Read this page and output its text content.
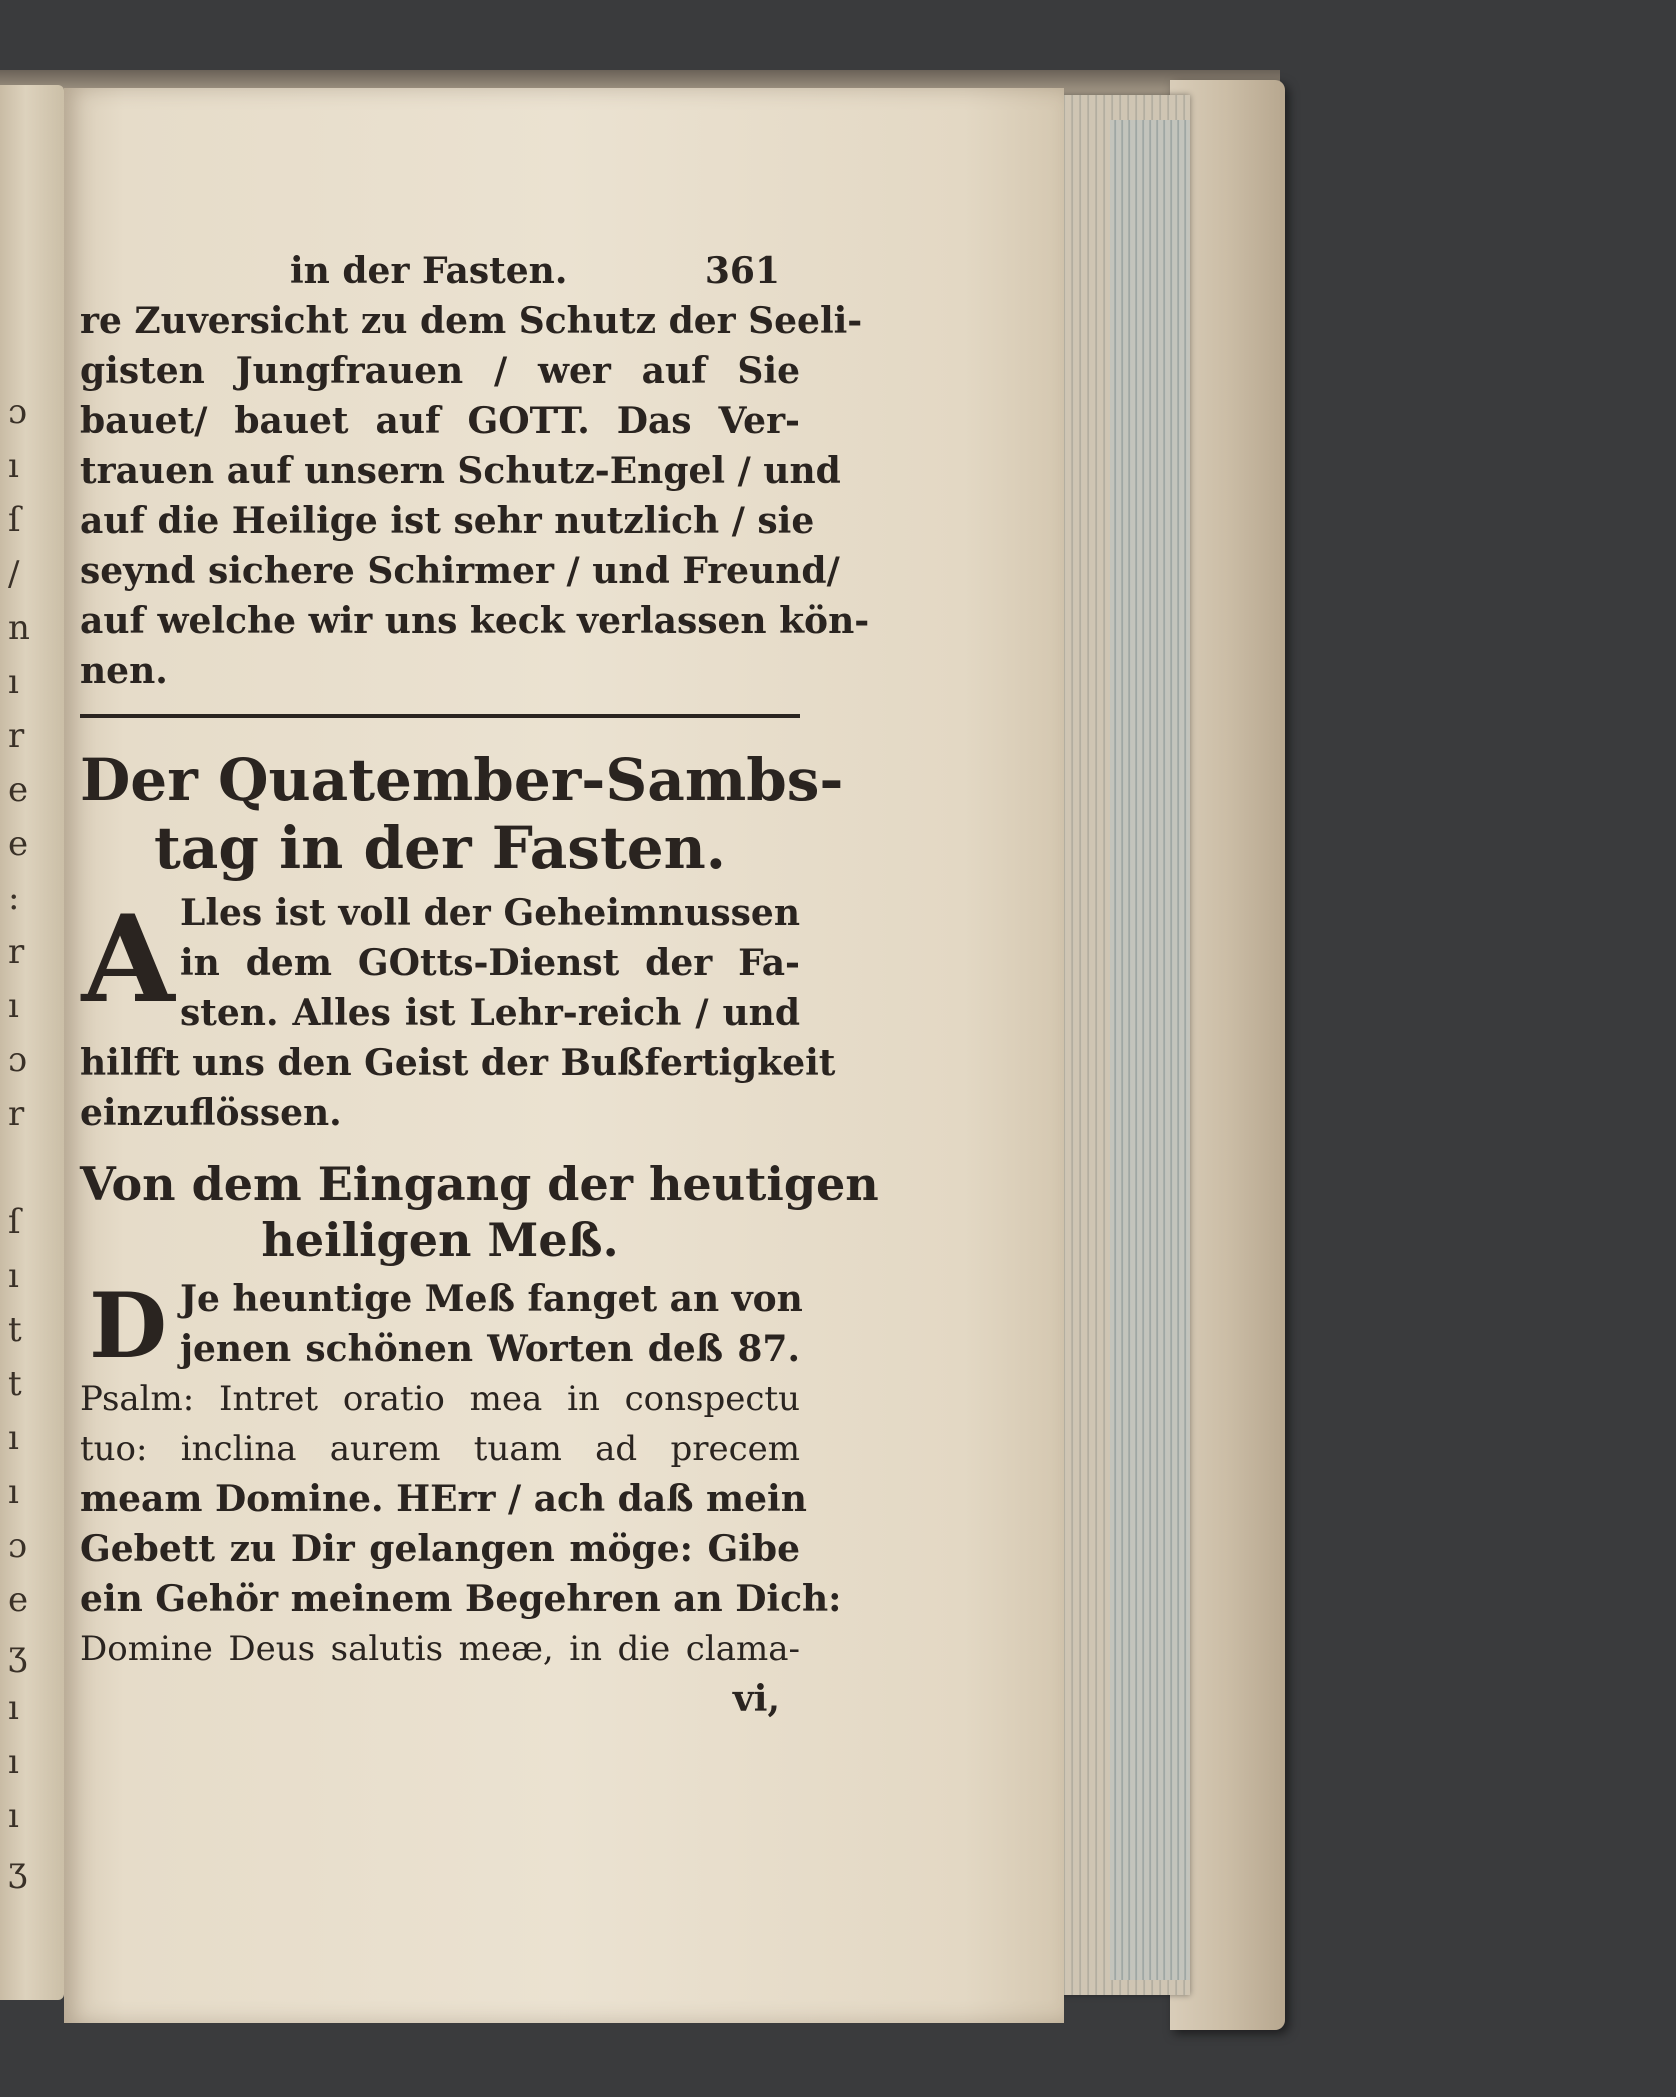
ɔ
ı
ſ
/
n
ı
r
e
e
:
r
ı
ɔ
r

ſ
ı
t
t
ı
ı
ɔ
e
ʒ
ı
ı
ı
ʒ
in der Fasten.	361
re Zuversicht zu dem Schutz der Seeli-
gisten Jungfrauen / wer auf Sie
bauet/ bauet auf GOTT. Das Ver-
trauen auf unsern Schutz-Engel / und
auf die Heilige ist sehr nutzlich / sie
seynd sichere Schirmer / und Freund/
auf welche wir uns keck verlassen kön-
nen.
Der Quatember-Sambs-
tag in der Fasten.
A Lles ist voll der Geheimnussen
in dem GOtts-Dienst der Fa-
sten. Alles ist Lehr-reich / und
hilfft uns den Geist der Bußfertigkeit
einzuflössen.
Von dem Eingang der heutigen
heiligen Meß.
D Je heuntige Meß fanget an von
jenen schönen Worten deß 87.
Psalm: Intret oratio mea in conspectu
tuo: inclina aurem tuam ad precem
meam Domine. HErr / ach daß mein
Gebett zu Dir gelangen möge: Gibe
ein Gehör meinem Begehren an Dich:
Domine Deus salutis meæ, in die clama-
vi,
